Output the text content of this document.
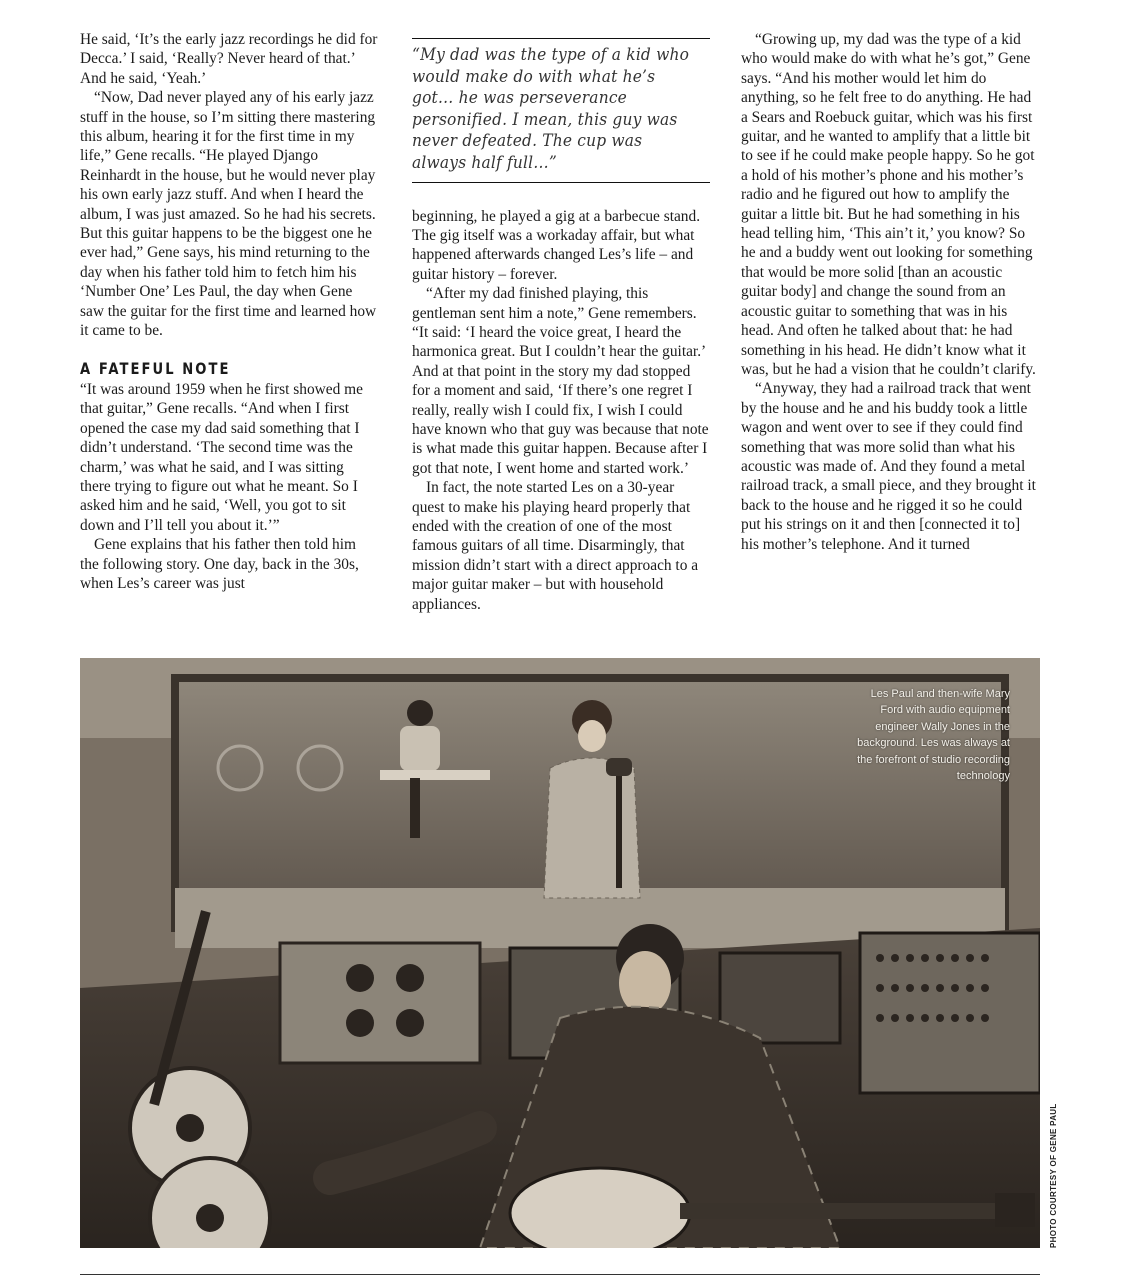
He said, ‘It’s the early jazz recordings he did for Decca.’ I said, ‘Really? Never heard of that.’ And he said, ‘Yeah.’

“Now, Dad never played any of his early jazz stuff in the house, so I’m sitting there mastering this album, hearing it for the first time in my life,” Gene recalls. “He played Django Reinhardt in the house, but he would never play his own early jazz stuff. And when I heard the album, I was just amazed. So he had his secrets. But this guitar happens to be the biggest one he ever had,” Gene says, his mind returning to the day when his father told him to fetch him his ‘Number One’ Les Paul, the day when Gene saw the guitar for the first time and learned how it came to be.

A FATEFUL NOTE

“It was around 1959 when he first showed me that guitar,” Gene recalls. “And when I first opened the case my dad said something that I didn’t understand. ‘The second time was the charm,’ was what he said, and I was sitting there trying to figure out what he meant. So I asked him and he said, ‘Well, you got to sit down and I’ll tell you about it.’”

Gene explains that his father then told him the following story. One day, back in the 30s, when Les’s career was just

“My dad was the type of a kid who would make do with what he’s got… he was perseverance personified. I mean, this guy was never defeated. The cup was always half full…”

beginning, he played a gig at a barbecue stand. The gig itself was a workaday affair, but what happened afterwards changed Les’s life – and guitar history – forever.

“After my dad finished playing, this gentleman sent him a note,” Gene remembers. “It said: ‘I heard the voice great, I heard the harmonica great. But I couldn’t hear the guitar.’ And at that point in the story my dad stopped for a moment and said, ‘If there’s one regret I really, really wish I could fix, I wish I could have known who that guy was because that note is what made this guitar happen. Because after I got that note, I went home and started work.’

In fact, the note started Les on a 30-year quest to make his playing heard properly that ended with the creation of one of the most famous guitars of all time. Disarmingly, that mission didn’t start with a direct approach to a major guitar maker – but with household appliances.

“Growing up, my dad was the type of a kid who would make do with what he’s got,” Gene says. “And his mother would let him do anything, so he felt free to do anything. He had a Sears and Roebuck guitar, which was his first guitar, and he wanted to amplify that a little bit to see if he could make people happy. So he got a hold of his mother’s phone and his mother’s radio and he figured out how to amplify the guitar a little bit. But he had something in his head telling him, ‘This ain’t it,’ you know? So he and a buddy went out looking for something that would be more solid [than an acoustic guitar body] and change the sound from an acoustic guitar to something that was in his head. And often he talked about that: he had something in his head. He didn’t know what it was, but he had a vision that he couldn’t clarify.

“Anyway, they had a railroad track that went by the house and he and his buddy took a little wagon and went over to see if they could find something that was more solid than what his acoustic was made of. And they found a metal railroad track, a small piece, and they brought it back to the house and he rigged it so he could put his strings on it and then [connected it to] his mother’s telephone. And it turned

Les Paul and then-wife Mary Ford with audio equipment engineer Wally Jones in the background. Les was always at the forefront of studio recording technology
PHOTO COURTESY OF GENE PAUL
